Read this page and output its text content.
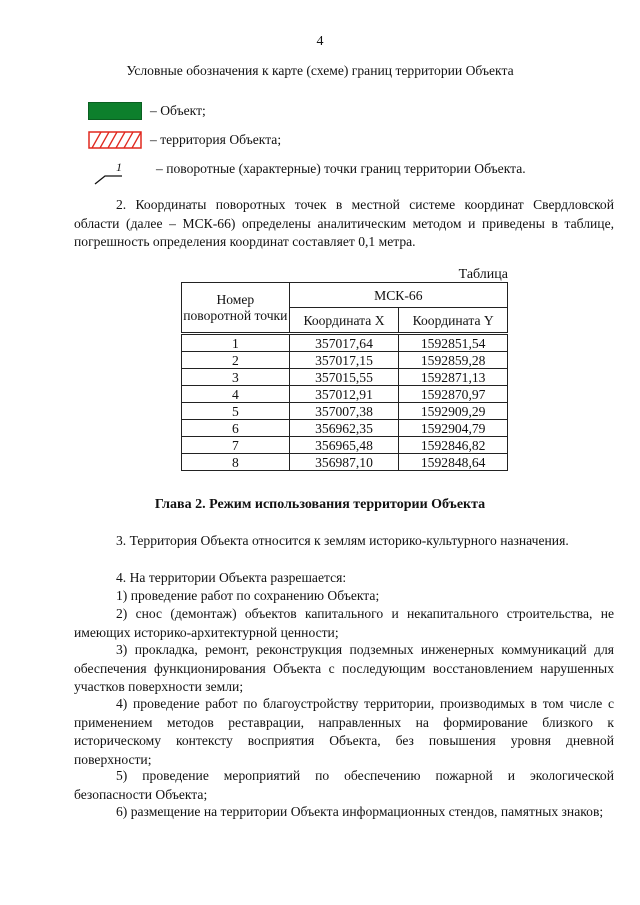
4
Условные обозначения к карте (схеме) границ территории Объекта
– Объект;
– территория Объекта;
1	– поворотные (характерные) точки границ территории Объекта.
2. Координаты поворотных точек в местной системе координат Свердловской области (далее – МСК-66) определены аналитическим методом и приведены в таблице, погрешность определения координат составляет 0,1 метра.
Таблица
Номер поворотной точки	МСК-66	
	Координата X	Координата Y
1	357017,64	1592851,54
2	357017,15	1592859,28
3	357015,55	1592871,13
4	357012,91	1592870,97
5	357007,38	1592909,29
6	356962,35	1592904,79
7	356965,48	1592846,82
8	356987,10	1592848,64
Глава 2. Режим использования территории Объекта
3. Территория Объекта относится к землям историко-культурного назначения.
4. На территории Объекта разрешается:
1) проведение работ по сохранению Объекта;
2) снос (демонтаж) объектов капитального и некапитального строительства, не имеющих историко-архитектурной ценности;
3) прокладка, ремонт, реконструкция подземных инженерных коммуникаций для обеспечения функционирования Объекта с последующим восстановлением нарушенных участков поверхности земли;
4) проведение работ по благоустройству территории, производимых в том числе с применением методов реставрации, направленных на формирование близкого к историческому контексту восприятия Объекта, без повышения уровня дневной поверхности;
5) проведение мероприятий по обеспечению пожарной и экологической безопасности Объекта;
6) размещение на территории Объекта информационных стендов, памятных знаков;
